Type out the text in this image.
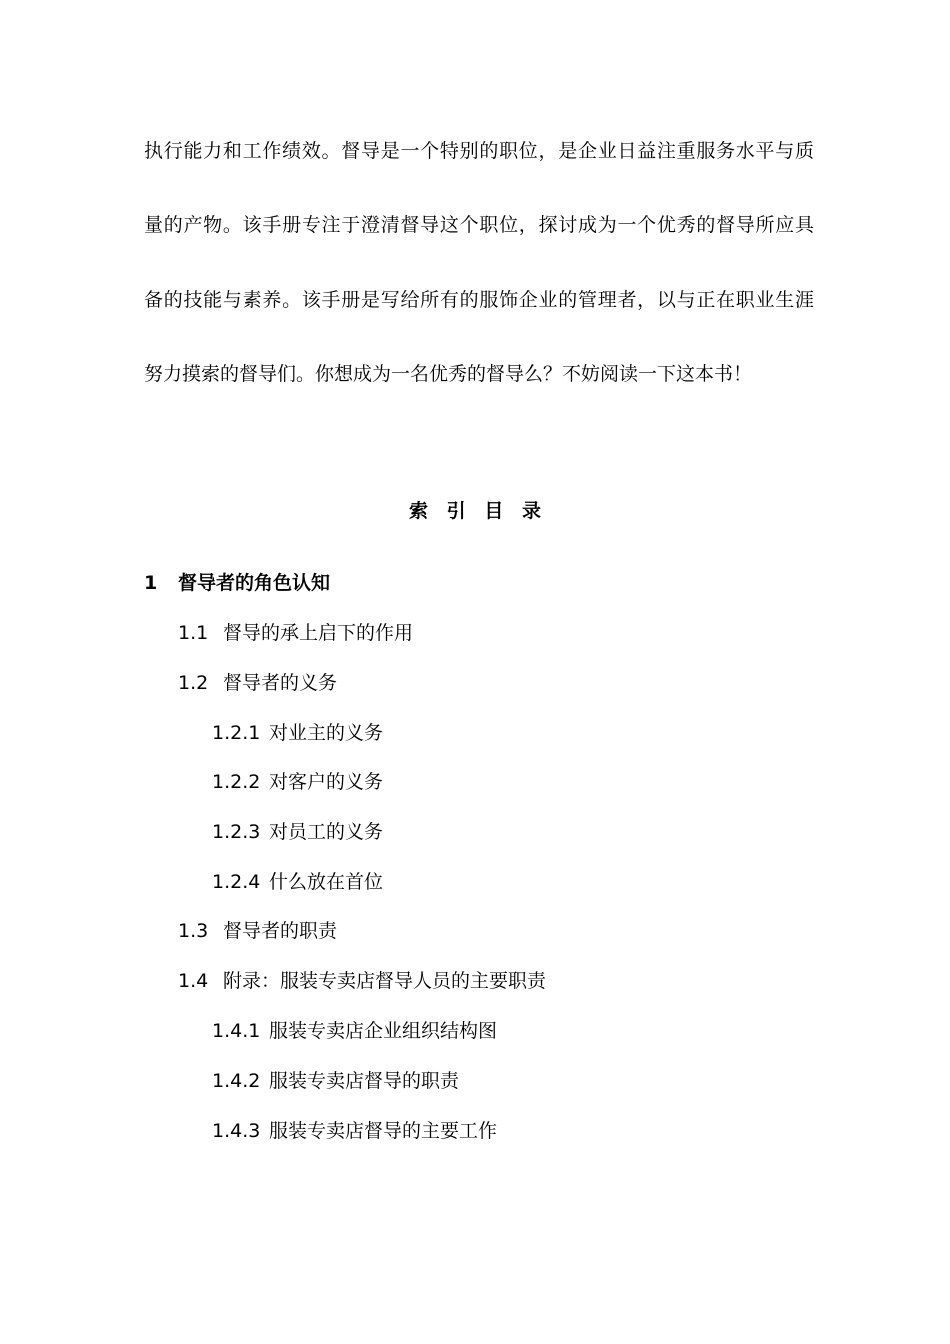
执行能力和工作绩效。督导是一个特别的职位，是企业日益注重服务水平与质
量的产物。该手册专注于澄清督导这个职位，探讨成为一个优秀的督导所应具
备的技能与素养。该手册是写给所有的服饰企业的管理者，以与正在职业生涯
努力摸索的督导们。你想成为一名优秀的督导么？不妨阅读一下这本书！
索 引 目 录
1 督导者的角色认知
1.1 督导的承上启下的作用
1.2 督导者的义务
1.2.1 对业主的义务
1.2.2 对客户的义务
1.2.3 对员工的义务
1.2.4 什么放在首位
1.3 督导者的职责
1.4 附录：服装专卖店督导人员的主要职责
1.4.1 服装专卖店企业组织结构图
1.4.2 服装专卖店督导的职责
1.4.3 服装专卖店督导的主要工作
